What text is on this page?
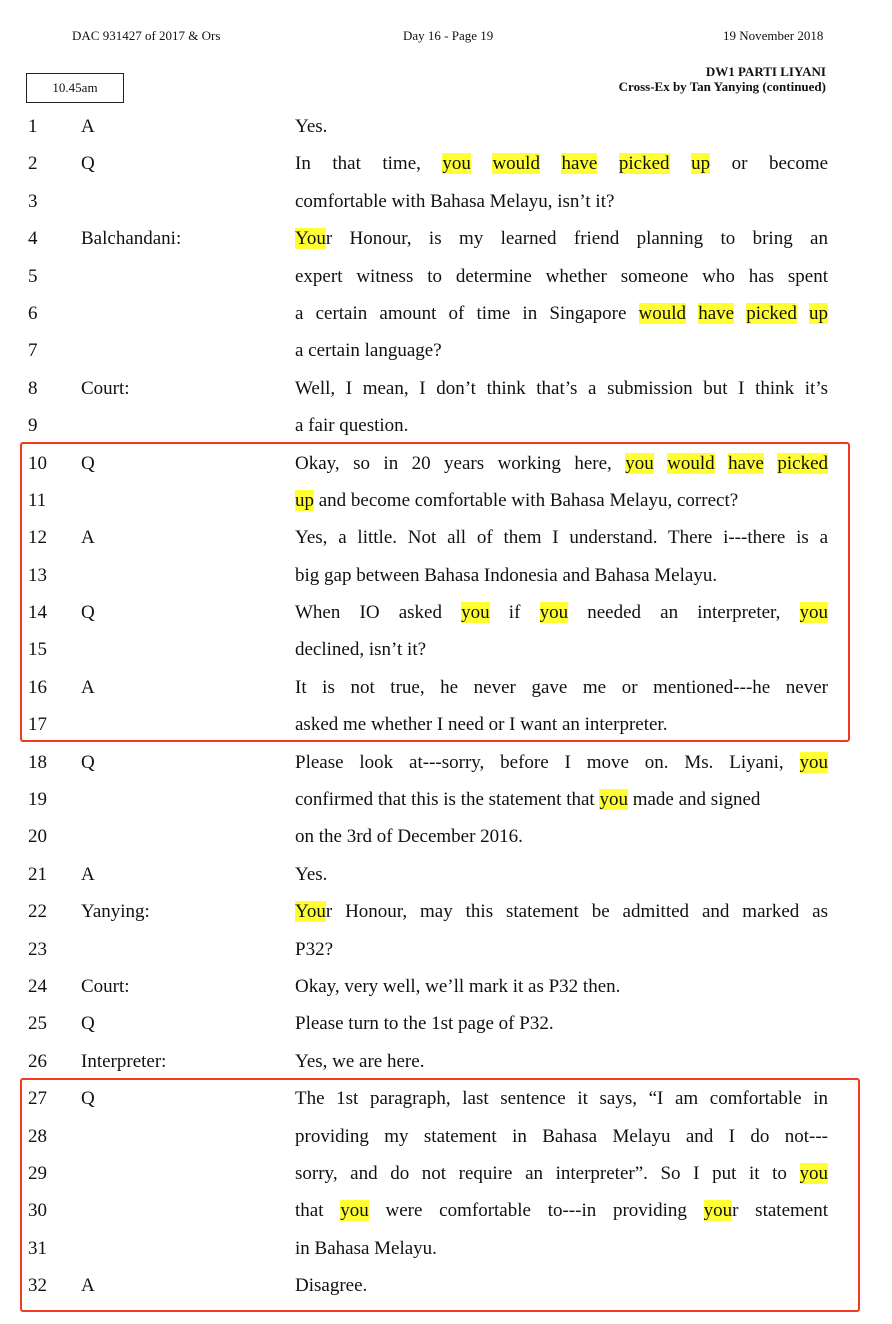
DAC 931427 of 2017 & Ors	Day 16 - Page 19	19 November 2018
10.45am
DW1 PARTI LIYANI
Cross-Ex by Tan Yanying (continued)
1 A	Yes.
2 Q	In that time, you would have picked up or become
3	comfortable with Bahasa Melayu, isn’t it?
4 Balchandani:	Your Honour, is my learned friend planning to bring an
5	expert witness to determine whether someone who has spent
6	a certain amount of time in Singapore would have picked up
7	a certain language?
8 Court:	Well, I mean, I don’t think that’s a submission but I think it’s
9	a fair question.
10 Q	Okay, so in 20 years working here, you would have picked
11	up and become comfortable with Bahasa Melayu, correct?
12 A	Yes, a little. Not all of them I understand. There i---there is a
13	big gap between Bahasa Indonesia and Bahasa Melayu.
14 Q	When IO asked you if you needed an interpreter, you
15	declined, isn’t it?
16 A	It is not true, he never gave me or mentioned---he never
17	asked me whether I need or I want an interpreter.
18 Q	Please look at---sorry, before I move on. Ms. Liyani, you
19	confirmed that this is the statement that you made and signed
20	on the 3rd of December 2016.
21 A	Yes.
22 Yanying:	Your Honour, may this statement be admitted and marked as
23	P32?
24 Court:	Okay, very well, we’ll mark it as P32 then.
25 Q	Please turn to the 1st page of P32.
26 Interpreter:	Yes, we are here.
27 Q	The 1st paragraph, last sentence it says, “I am comfortable in
28	providing my statement in Bahasa Melayu and I do not---
29	sorry, and do not require an interpreter”. So I put it to you
30	that you were comfortable to---in providing your statement
31	in Bahasa Melayu.
32 A	Disagree.
